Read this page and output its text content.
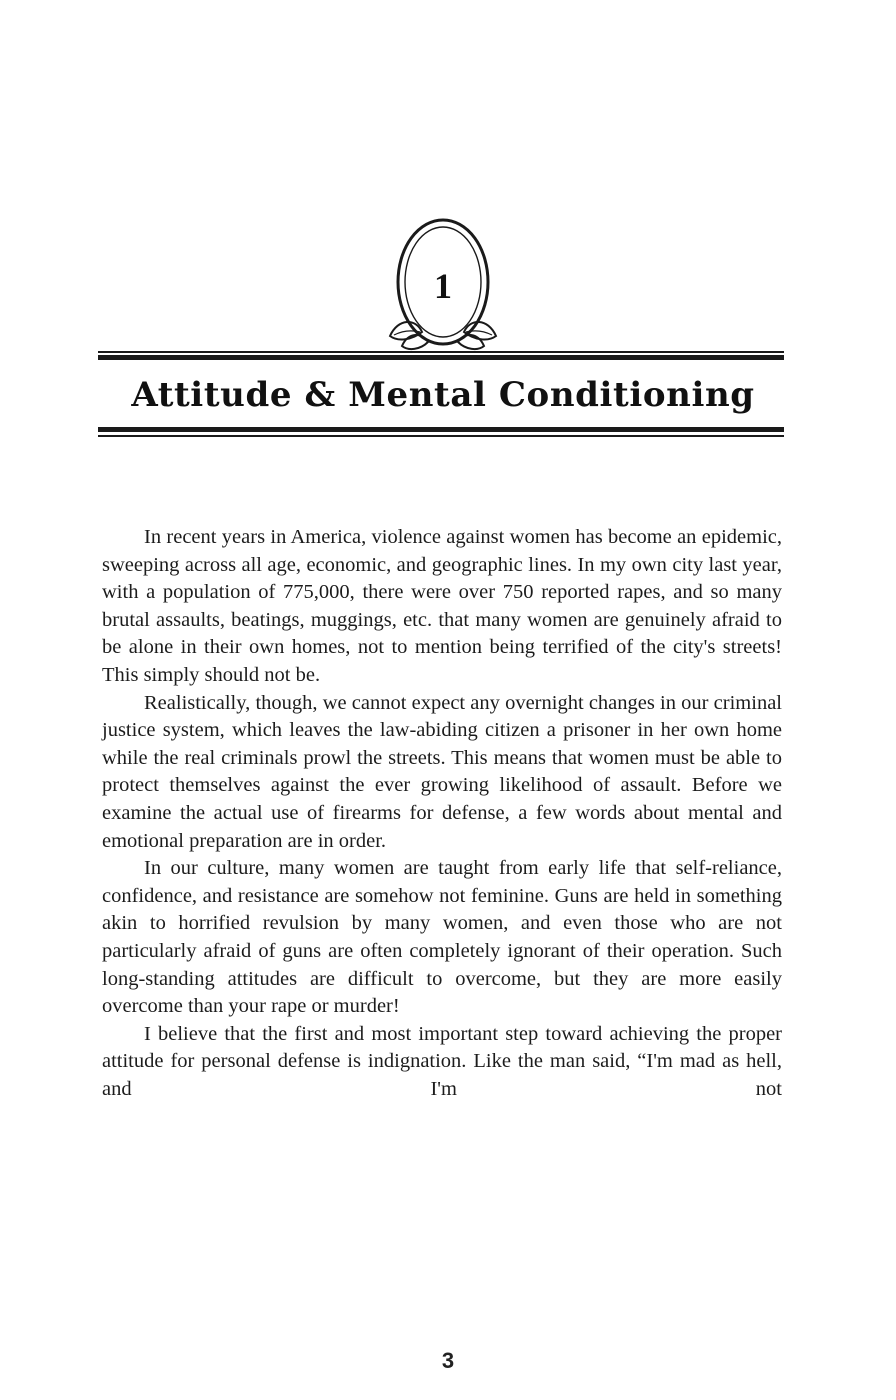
1
Attitude & Mental Conditioning

In recent years in America, violence against women has become an epidemic, sweeping across all age, economic, and geographic lines. In my own city last year, with a population of 775,000, there were over 750 reported rapes, and so many brutal assaults, beatings, muggings, etc. that many women are genuinely afraid to be alone in their own homes, not to mention being terrified of the city's streets! This simply should not be.

Realistically, though, we cannot expect any overnight changes in our criminal justice system, which leaves the law-abiding citizen a prisoner in her own home while the real criminals prowl the streets. This means that women must be able to protect themselves against the ever growing likelihood of assault. Before we examine the actual use of firearms for defense, a few words about mental and emotional preparation are in order.

In our culture, many women are taught from early life that self-reliance, confidence, and resistance are somehow not feminine. Guns are held in something akin to horrified revulsion by many women, and even those who are not particularly afraid of guns are often completely ignorant of their operation. Such long-standing attitudes are difficult to overcome, but they are more easily overcome than your rape or murder!

I believe that the first and most important step toward achieving the proper attitude for personal defense is indignation. Like the man said, “I'm mad as hell, and I'm not

3
